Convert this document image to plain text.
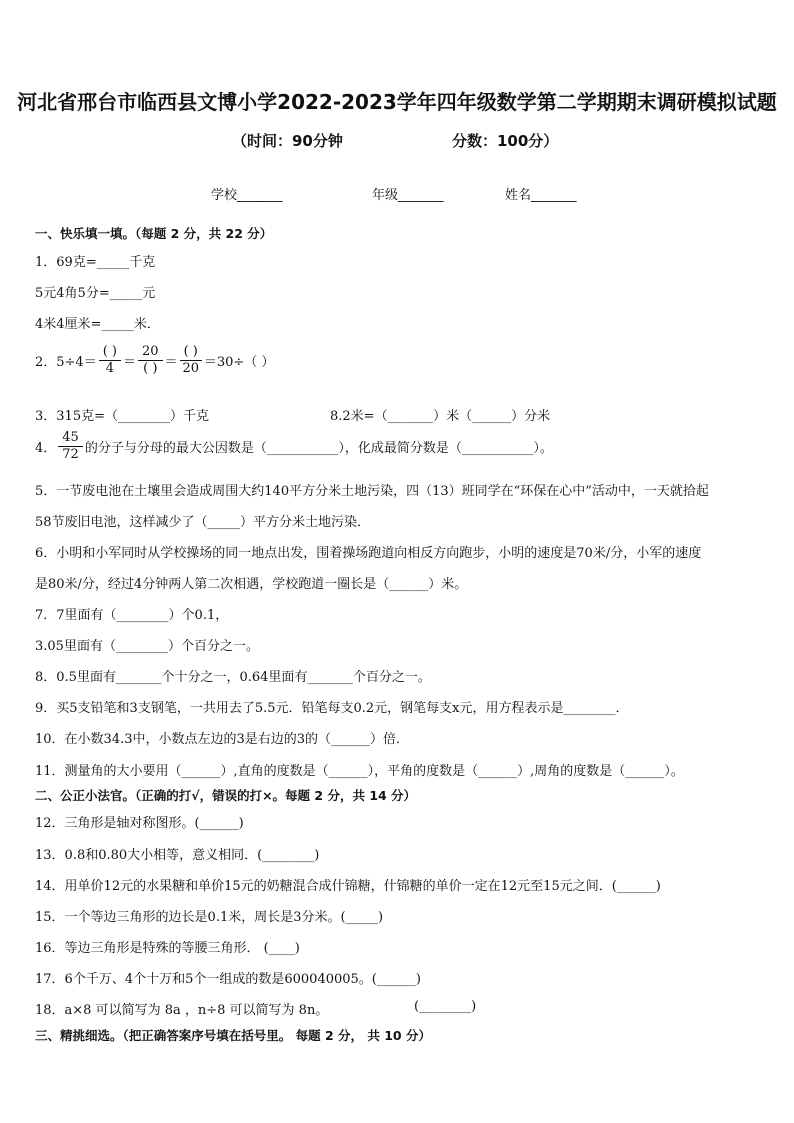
河北省邢台市临西县文博小学2022-2023学年四年级数学第二学期期末调研模拟试题
（时间：90分钟	分数：100分）
学校_______	年级_______	姓名_______
一、快乐填一填。（每题 2 分，共 22 分）
1．69克=_____千克
5元4角5分=_____元
4米4厘米=_____米．
2．$5\div 4= \frac{( )}{4} = \frac{20}{( )} = \frac{( )}{20} =30\div$（ ）
3．315克=（________）千克	8.2米=（_______）米（______）分米
4． $\frac{45}{72}$ 的分子与分母的最大公因数是（___________），化成最简分数是（___________）。
5．一节废电池在土壤里会造成周围大约140平方分米土地污染，四（13）班同学在“环保在心中”活动中，一天就拾起
58节废旧电池，这样减少了（_____）平方分米土地污染．
6．小明和小军同时从学校操场的同一地点出发，围着操场跑道向相反方向跑步，小明的速度是70米/分，小军的速度
是80米/分，经过4分钟两人第二次相遇，学校跑道一圈长是（______）米。
7．7里面有（________）个0.1，
3.05里面有（________）个百分之一。
8．0.5里面有_______个十分之一，0.64里面有_______个百分之一。
9．买5支铅笔和3支钢笔，一共用去了5.5元．铅笔每支0.2元，钢笔每支x元，用方程表示是________．
10．在小数34.3中，小数点左边的3是右边的3的（______）倍．
11．测量角的大小要用（______）,直角的度数是（______），平角的度数是（______）,周角的度数是（______）。
二、公正小法官。（正确的打√，错误的打×。每题 2 分，共 14 分）
12．三角形是轴对称图形。(______)
13．0.8和0.80大小相等，意义相同．(________)
14．用单价12元的水果糖和单价15元的奶糖混合成什锦糖，什锦糖的单价一定在12元至15元之间．(______)
15．一个等边三角形的边长是0.1米，周长是3分米。(_____)
16．等边三角形是特殊的等腰三角形． (____)
17．6个千万、4个十万和5个一组成的数是600040005。(______)
18．a×8 可以简写为 8a ，n÷8 可以简写为 8n。	(________)
三、精挑细选。（把正确答案序号填在括号里。 每题 2 分， 共 10 分）
